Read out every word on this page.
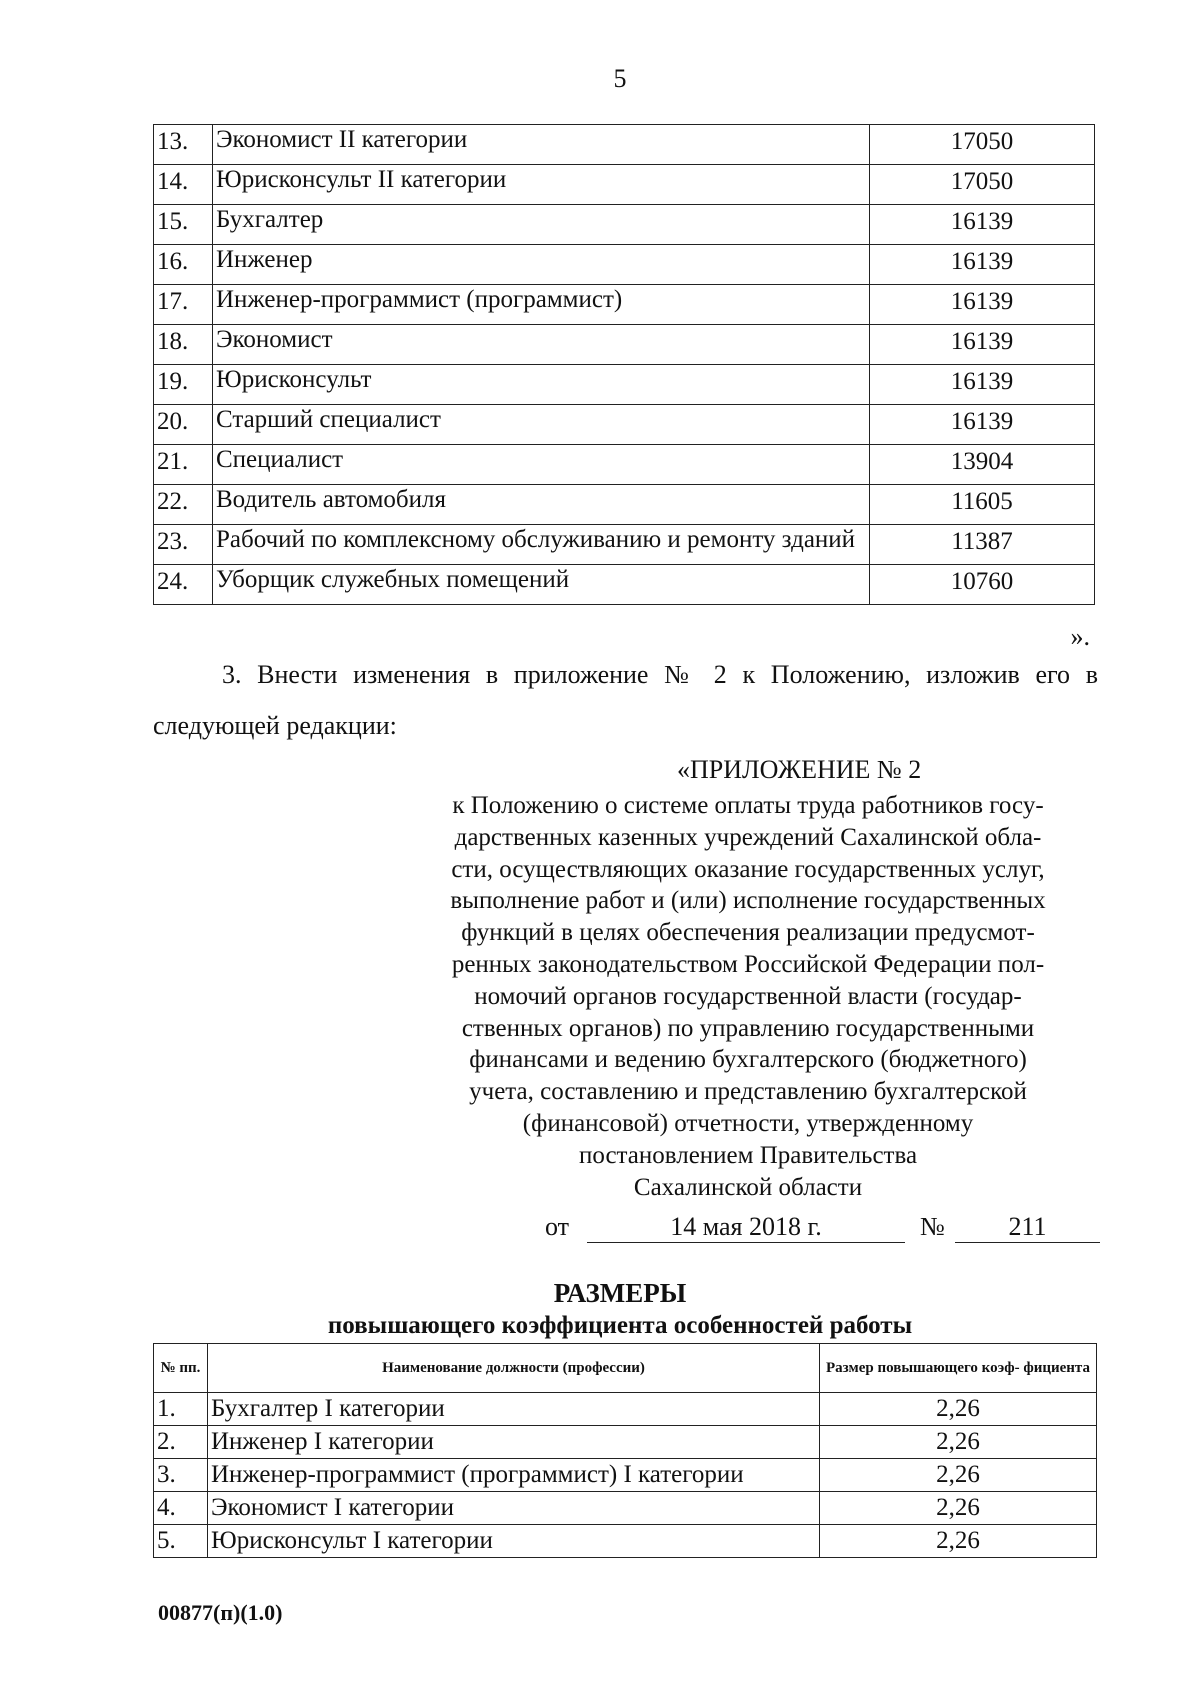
5
13.	Экономист II категории	17050
14.	Юрисконсульт II категории	17050
15.	Бухгалтер	16139
16.	Инженер	16139
17.	Инженер-программист (программист)	16139
18.	Экономист	16139
19.	Юрисконсульт	16139
20.	Старший специалист	16139
21.	Специалист	13904
22.	Водитель автомобиля	11605
23.	Рабочий по комплексному обслуживанию и ремонту зданий	11387
24.	Уборщик служебных помещений	10760
».
3. Внести изменения в приложение № 2 к Положению, изложив его в
следующей редакции:
«ПРИЛОЖЕНИЕ № 2
к Положению о системе оплаты труда работников госу-
дарственных казенных учреждений Сахалинской обла-
сти, осуществляющих оказание государственных услуг,
выполнение работ и (или) исполнение государственных
функций в целях обеспечения реализации предусмот-
ренных законодательством Российской Федерации пол-
номочий органов государственной власти (государ-
ственных органов) по управлению государственными
финансами и ведению бухгалтерского (бюджетного)
учета, составлению и представлению бухгалтерской
(финансовой) отчетности, утвержденному
постановлением Правительства
Сахалинской области
от	14 мая 2018 г.	№	211
РАЗМЕРЫ
повышающего коэффициента особенностей работы
№ пп.	Наименование должности (профессии)	Размер повышающего коэф- фициента
1.	Бухгалтер I категории	2,26
2.	Инженер I категории	2,26
3.	Инженер-программист (программист) I категории	2,26
4.	Экономист I категории	2,26
5.	Юрисконсульт I категории	2,26
00877(п)(1.0)
